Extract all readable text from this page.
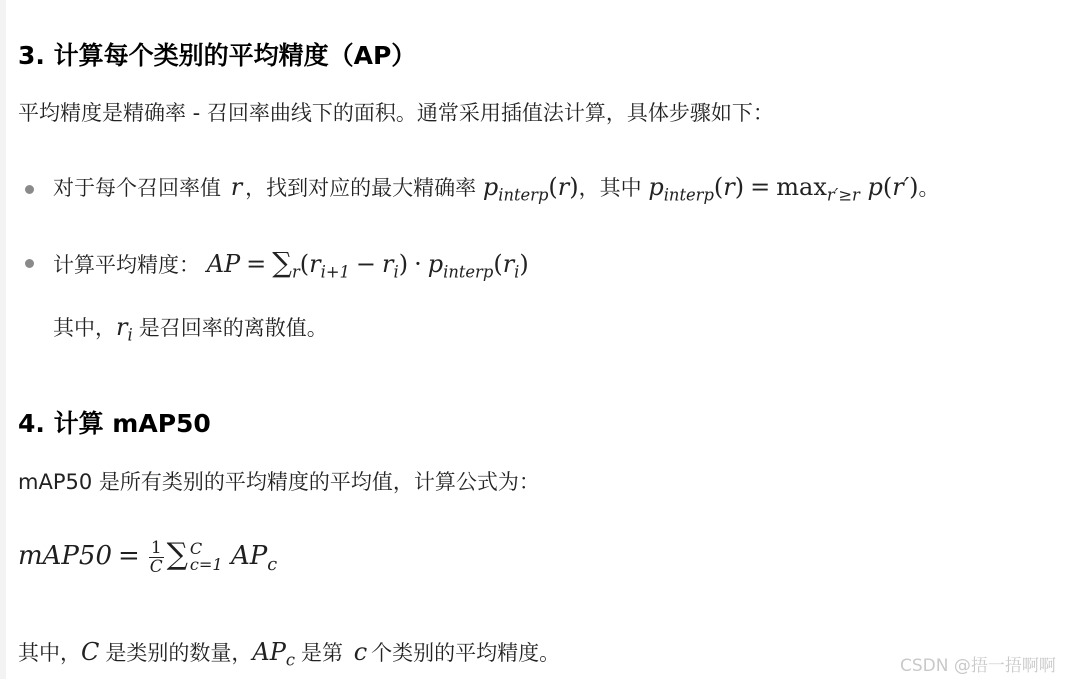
3. 计算每个类别的平均精度（AP）
平均精度是精确率 - 召回率曲线下的面积。通常采用插值法计算，具体步骤如下：
对于每个召回率值 r ，找到对应的最大精确率 $p_{interp}(r)$，其中 $p_{interp}(r) = \max_{r'\ge r} p(r')$。
计算平均精度： AP = $\sum_r(r_{i+1} - r_i) \cdot p_{interp}(r_i)$
其中，$r_i$ 是召回率的离散值。
4. 计算 mAP50
mAP50 是所有类别的平均精度的平均值，计算公式为：
$mAP50 = \frac{1}{C}$ ∑ C
c=1 $AP_c$
其中，C 是类别的数量，$AP_c$ 是第 c 个类别的平均精度。
CSDN @捂一捂啊啊
